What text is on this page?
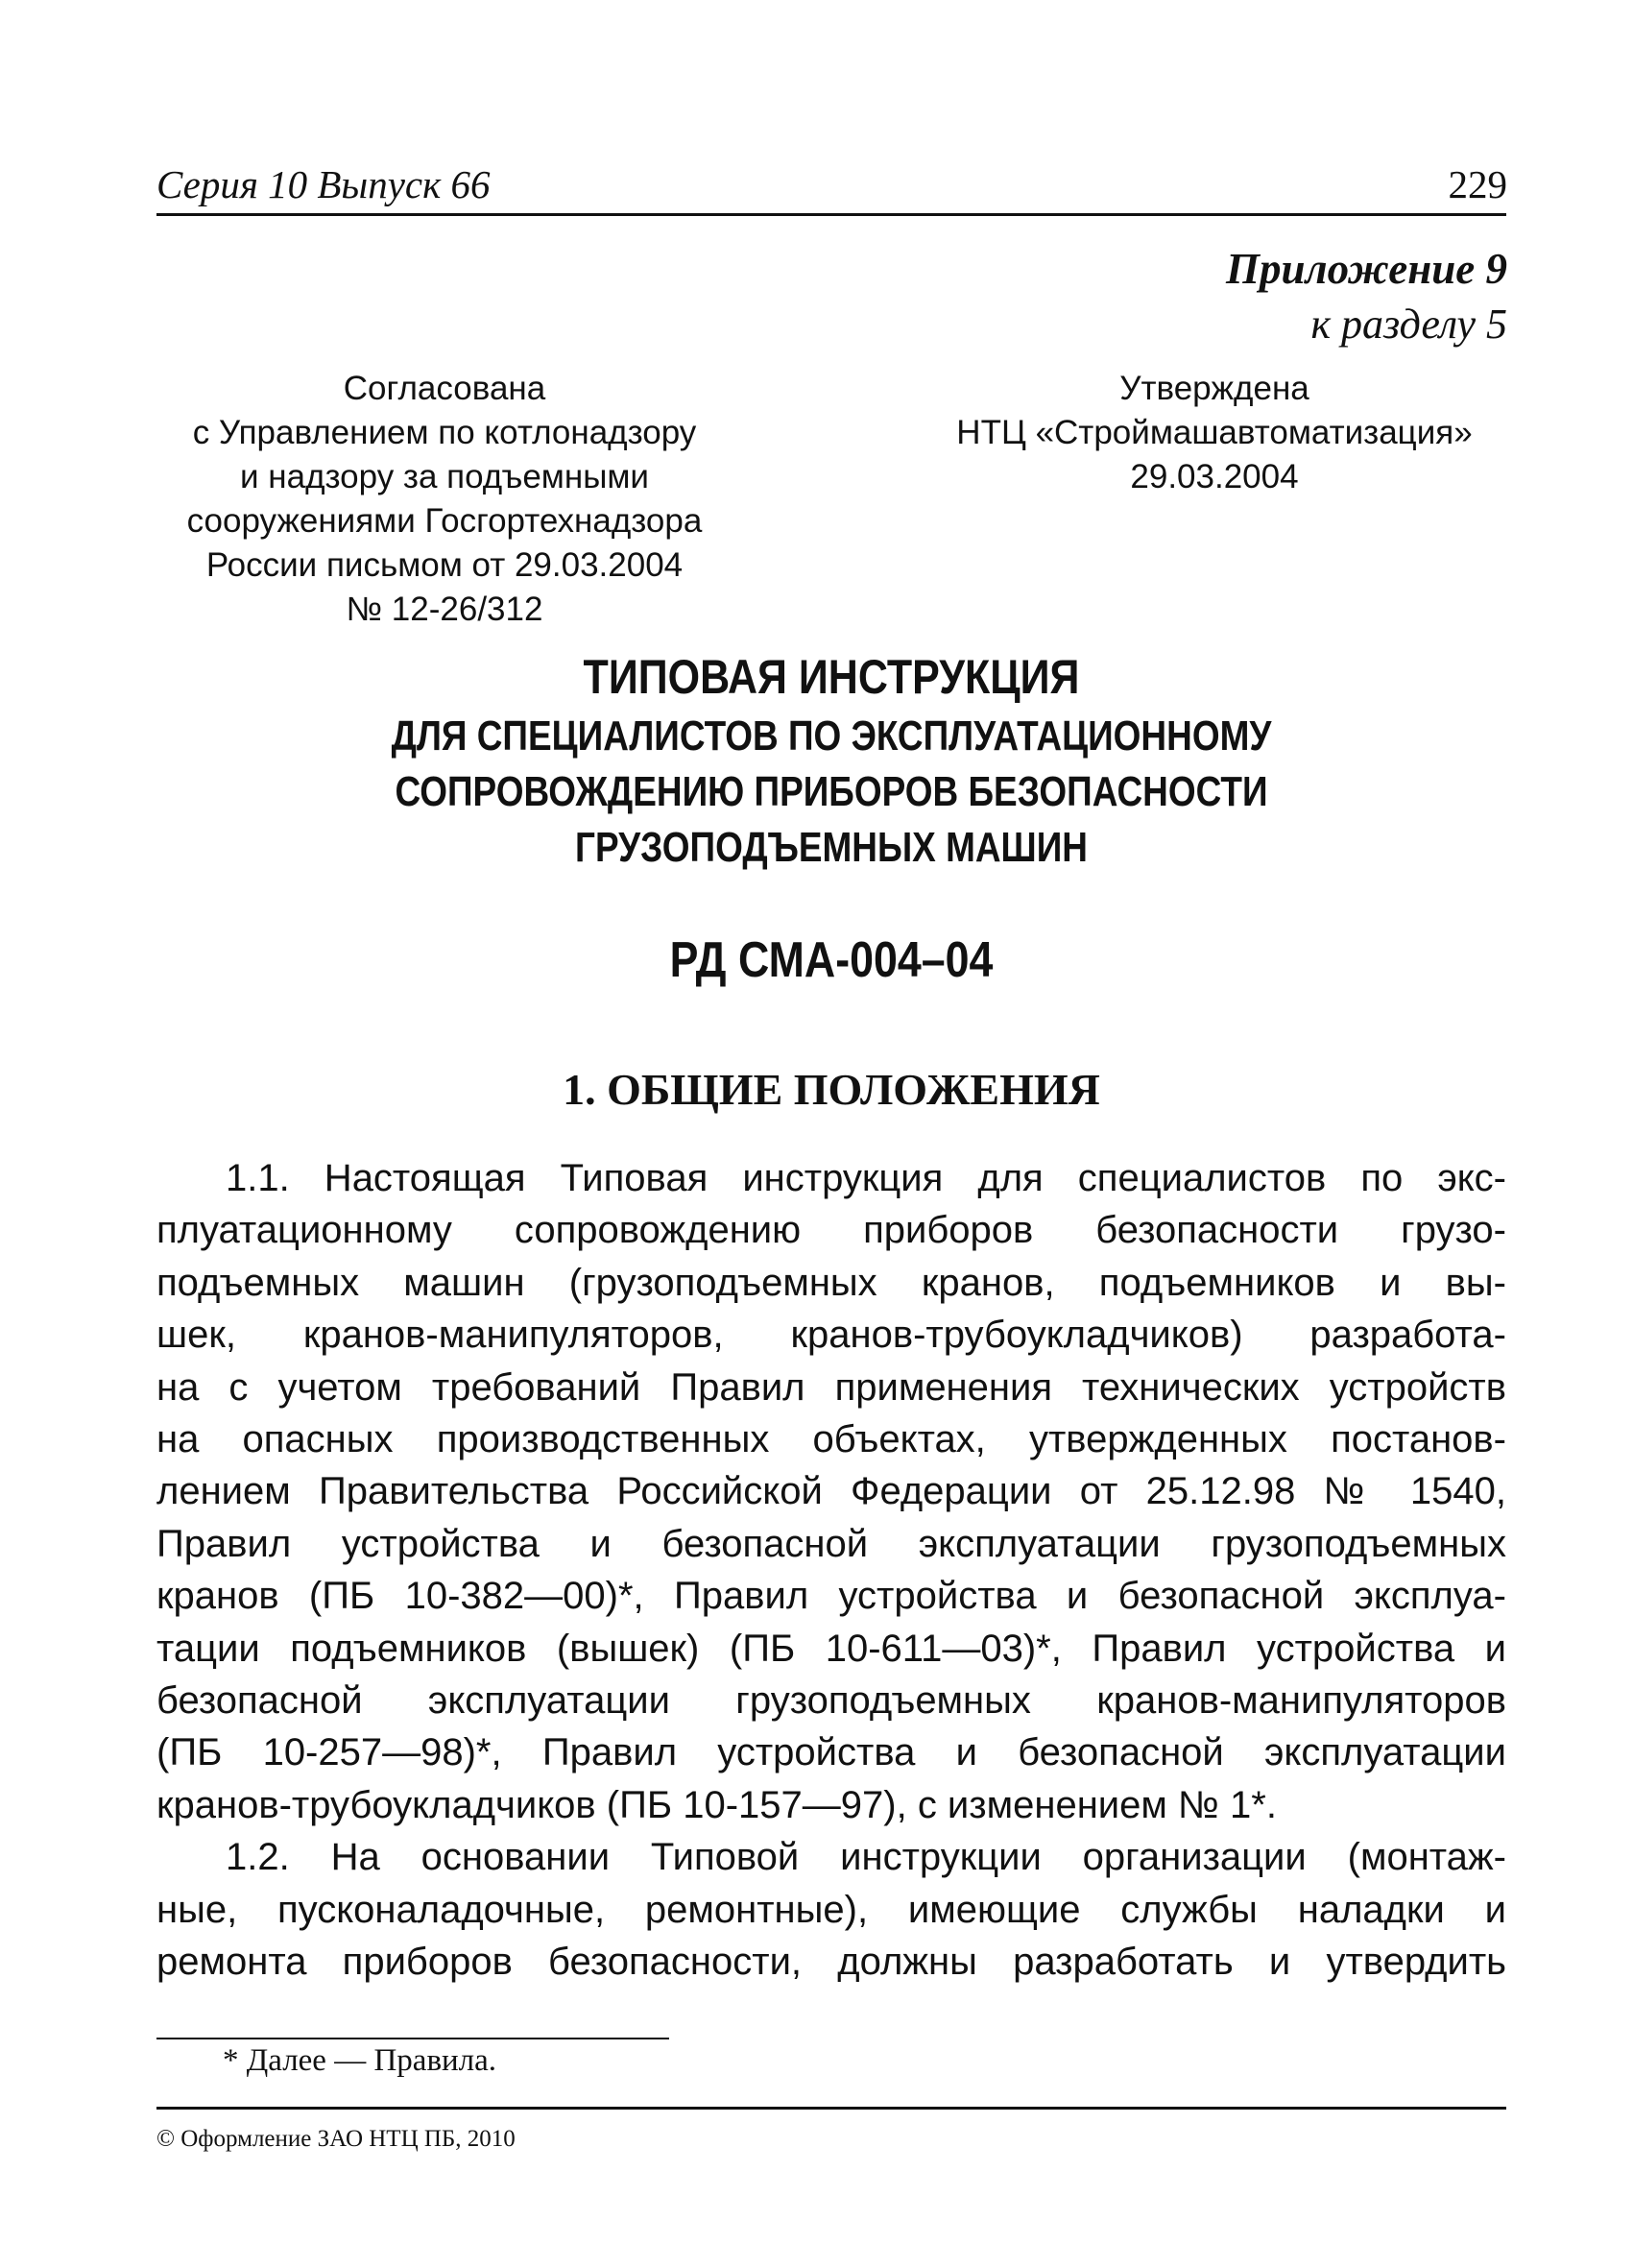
Серия 10 Выпуск 66	229
Приложение 9
к разделу 5
Согласована
с Управлением по котлонадзору
и надзору за подъемными
сооружениями Госгортехнадзора
России письмом от 29.03.2004
№ 12-26/312
Утверждена
НТЦ «Строймашавтоматизация»
29.03.2004
ТИПОВАЯ ИНСТРУКЦИЯ
ДЛЯ СПЕЦИАЛИСТОВ ПО ЭКСПЛУАТАЦИОННОМУ
СОПРОВОЖДЕНИЮ ПРИБОРОВ БЕЗОПАСНОСТИ
ГРУЗОПОДЪЕМНЫХ МАШИН
РД СМА-004–04
1. ОБЩИЕ ПОЛОЖЕНИЯ
1.1. Настоящая Типовая инструкция для специалистов по экс-
плуатационному сопровождению приборов безопасности грузо-
подъемных машин (грузоподъемных кранов, подъемников и вы-
шек, кранов-манипуляторов, кранов-трубоукладчиков) разработа-
на с учетом требований Правил применения технических устройств
на опасных производственных объектах, утвержденных постанов-
лением Правительства Российской Федерации от 25.12.98 № 1540,
Правил устройства и безопасной эксплуатации грузоподъемных
кранов (ПБ 10-382—00)*, Правил устройства и безопасной эксплуа-
тации подъемников (вышек) (ПБ 10-611—03)*, Правил устройства и
безопасной эксплуатации грузоподъемных кранов-манипуляторов
(ПБ 10-257—98)*, Правил устройства и безопасной эксплуатации
кранов-трубоукладчиков (ПБ 10-157—97), с изменением № 1*.
1.2. На основании Типовой инструкции организации (монтаж-
ные, пусконаладочные, ремонтные), имеющие службы наладки и
ремонта приборов безопасности, должны разработать и утвердить
* Далее — Правила.
© Оформление ЗАО НТЦ ПБ, 2010
